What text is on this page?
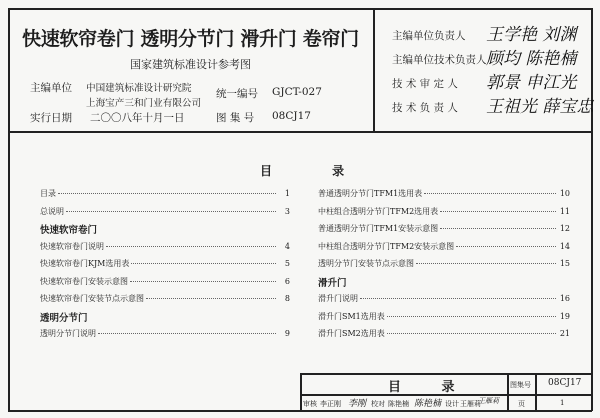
快速软帘卷门 透明分节门 滑升门 卷帘门
国家建筑标准设计参考图
主编单位 中国建筑标准设计研究院
上海宝产三和门业有限公司
实行日期 二〇〇八年十月一日
统一编号 GJCT-027
图 集 号 08CJ17
主编单位负责人 王学艳 刘渊
主编单位技术负责人 顾均 陈艳楠
技 术 审 定 人 郭景 申江光
技 术 负 责 人 王祖光 薛宝忠
目 录
目录	1
总说明	3
快速软帘卷门
快速软帘卷门说明	4
快速软帘卷门KJM选用表	5
快速软帘卷门安装示意图	6
快速软帘卷门安装节点示意图	8
透明分节门
透明分节门说明	9
普通透明分节门TFM1选用表	10
中柱组合透明分节门TFM2选用表	11
普通透明分节门TFM1安装示意图	12
中柱组合透明分节门TFM2安装示意图	14
透明分节门安装节点示意图	15
滑升门
滑升门说明	16
滑升门SM1选用表	19
滑升门SM2选用表	21
目 录	图集号 08CJ17
审核 李正刚 李刚 校对 陈艳楠 陈艳楠 设计 王雁莉
王雁莉	页	1
